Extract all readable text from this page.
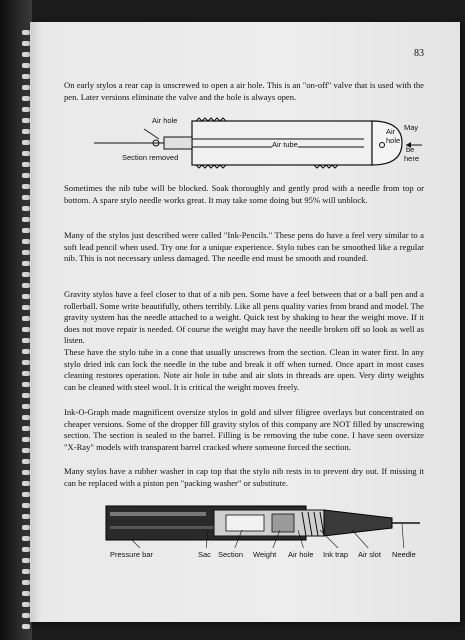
83

On early stylos a rear cap is unscrewed to open a air hole. This is an "on-off" valve that is used with the pen. Later versions eliminate the valve and the hole is always open.

Air hole
Section removed
Air tube
Air
hole
May
be
here

Sometimes the nib tube will be blocked. Soak thoroughly and gently prod with a needle from top or bottom. A spare stylo needle works great. It may take some doing but 95% will unblock.

Many of the stylos just described were called "Ink-Pencils." These pens do have a feel very similar to a soft lead pencil when used. Try one for a unique experience. Stylo tubes can be smoothed like a regular nib. This is not necessary unless damaged. The needle end must be smooth and rounded.

Gravity stylos have a feel closer to that of a nib pen. Some have a feel between that or a ball pen and a rollerball. Some write beautifully, others terribly. Like all pens quality varies from brand and model. The gravity system has the needle attached to a weight. Quick test by shaking to hear the weight move. If it does not move repair is needed. Of course the weight may have the needle broken off so look as well as listen.

These have the stylo tube in a cone that usually unscrews from the section. Clean in water first. In any stylo dried ink can lock the needle in the tube and break it off when turned. Once apart in most cases cleaning restores operation. Note air hole in tube and air slots in threads are open. Very dirty weights can be cleaned with steel wool. It is critical the weight moves freely.

Ink-O-Graph made magnificent oversize stylos in gold and silver filigree overlays but concentrated on cheaper versions. Some of the dropper fill gravity stylos of this company are NOT filled by unscrewing section. The section is sealed to the barrel. Filling is be removing the tube cone. I have seen oversize "X-Ray" models with transparent barrel cracked where someone forced the section.

Many stylos have a rubber washer in cap top that the stylo nib rests in to prevent dry out. If missing it can be replaced with a piston pen "packing washer" or substitute.

Pressure bar	Sac Section Weight Air hole Ink trap Air slot Needle
